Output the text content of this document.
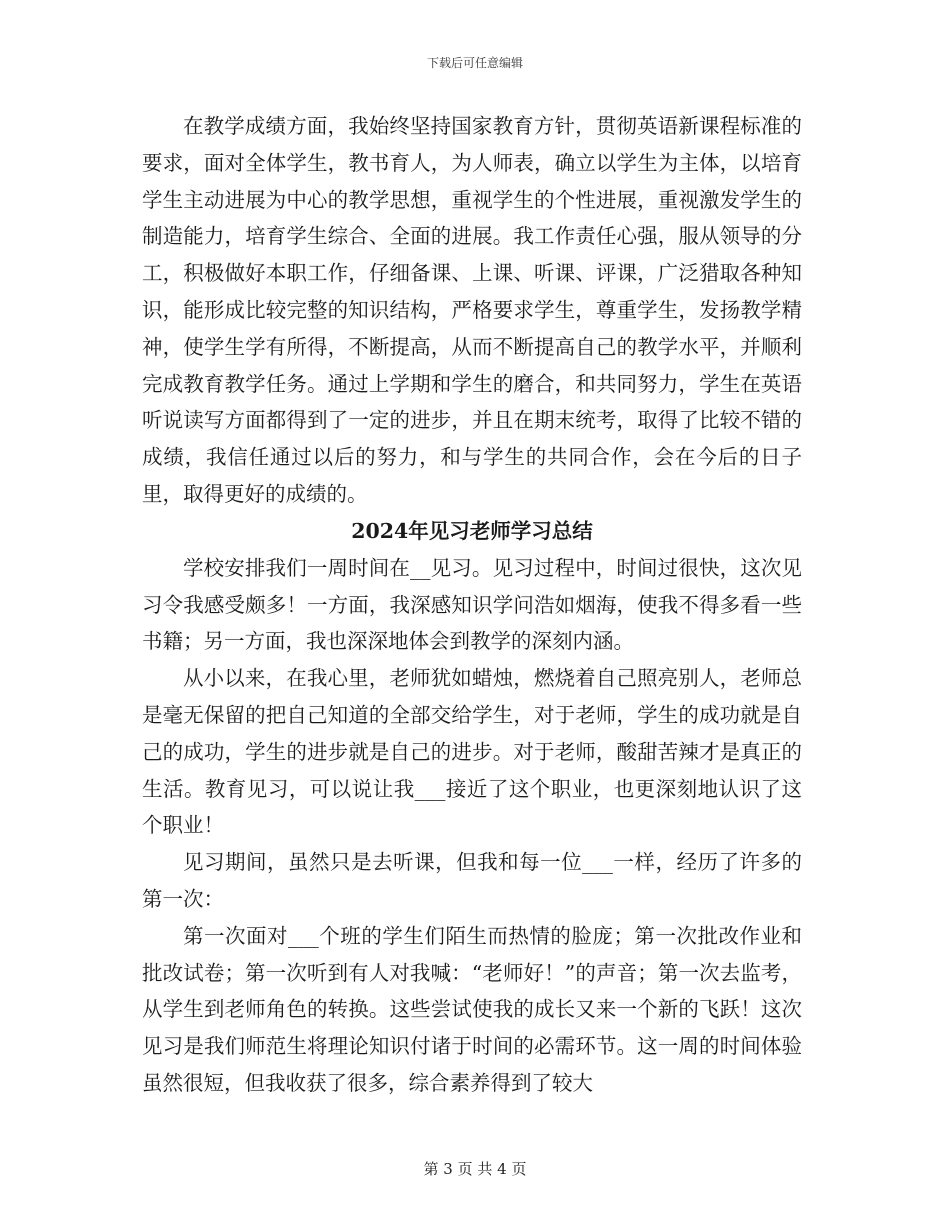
下载后可任意编辑

在教学成绩方面，我始终坚持国家教育方针，贯彻英语新课程标准的要求，面对全体学生，教书育人，为人师表，确立以学生为主体，以培育学生主动进展为中心的教学思想，重视学生的个性进展，重视激发学生的制造能力，培育学生综合、全面的进展。我工作责任心强，服从领导的分工，积极做好本职工作，仔细备课、上课、听课、评课，广泛猎取各种知识，能形成比较完整的知识结构，严格要求学生，尊重学生，发扬教学精神，使学生学有所得，不断提高，从而不断提高自己的教学水平，并顺利完成教育教学任务。通过上学期和学生的磨合，和共同努力，学生在英语听说读写方面都得到了一定的进步，并且在期末统考，取得了比较不错的成绩，我信任通过以后的努力，和与学生的共同合作，会在今后的日子里，取得更好的成绩的。

2024年见习老师学习总结

学校安排我们一周时间在__见习。见习过程中，时间过很快，这次见习令我感受颇多！一方面，我深感知识学问浩如烟海，使我不得多看一些书籍；另一方面，我也深深地体会到教学的深刻内涵。

从小以来，在我心里，老师犹如蜡烛，燃烧着自己照亮别人，老师总是毫无保留的把自己知道的全部交给学生，对于老师，学生的成功就是自己的成功，学生的进步就是自己的进步。对于老师，酸甜苦辣才是真正的生活。教育见习，可以说让我___接近了这个职业，也更深刻地认识了这个职业！

见习期间，虽然只是去听课，但我和每一位___一样，经历了许多的第一次：

第一次面对___个班的学生们陌生而热情的脸庞；第一次批改作业和批改试卷；第一次听到有人对我喊：“老师好！”的声音；第一次去监考，从学生到老师角色的转换。这些尝试使我的成长又来一个新的飞跃！这次见习是我们师范生将理论知识付诸于时间的必需环节。这一周的时间体验虽然很短，但我收获了很多，综合素养得到了较大

第 3 页 共 4 页
